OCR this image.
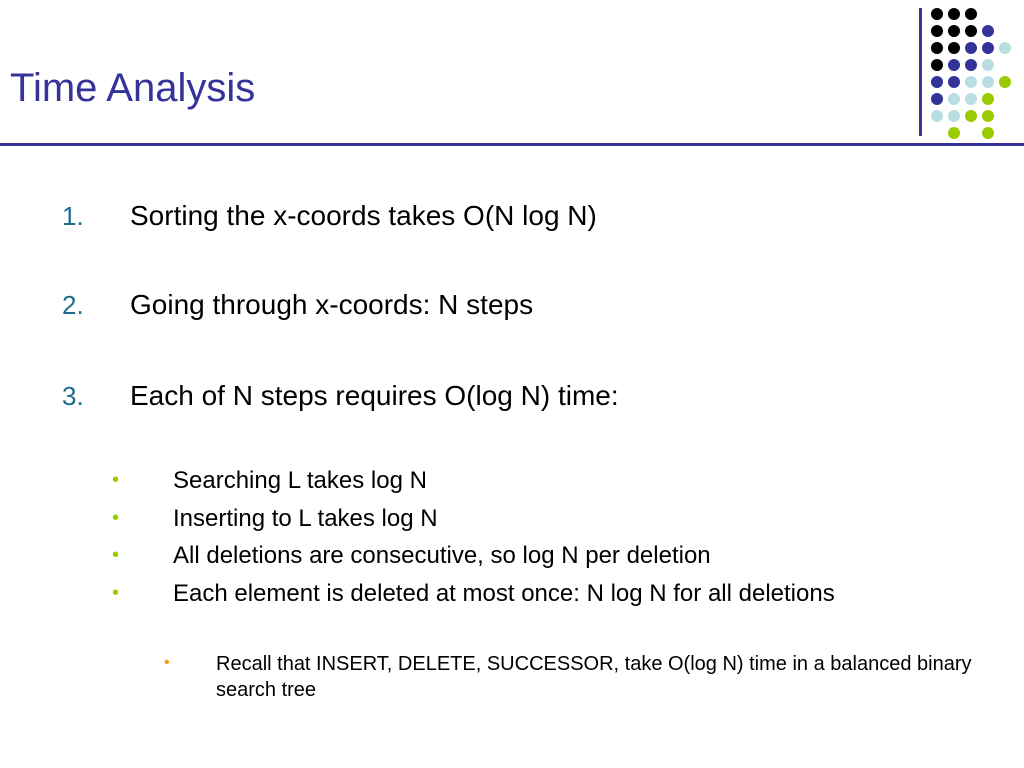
Time Analysis
1.	Sorting the x-coords takes O(N log N)
2.	Going through x-coords: N steps
3.	Each of N steps requires O(log N) time:
• Searching L takes log N
• Inserting to L takes log N
• All deletions are consecutive, so log N per deletion
• Each element is deleted at most once: N log N for all deletions
• Recall that INSERT, DELETE, SUCCESSOR, take O(log N) time in a balanced binary search tree
